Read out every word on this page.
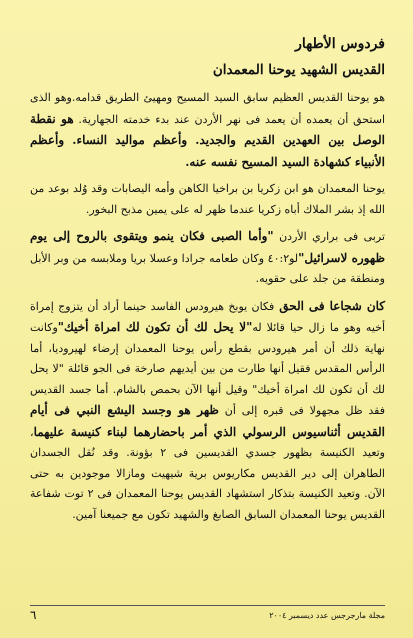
فردوس الأطهار
القديس الشهيد يوحنا المعمدان

هو يوحنا القديس العظيم سابق السيد المسيح ومهيئ الطريق قدامه.وهو الذى استحق أن يعمده أن يعمد فى نهر الأردن عند بدء خدمته الجهارية. هو نقطة الوصل بين العهدين القديم والجديد. وأعظم مواليد النساء. وأعظم الأنبياء كشهادة السيد المسيح نفسه عنه.

يوحنا المعمدان هو ابن زكريا بن براخيا الكاهن وأمه اليصابات وقد وُلد بوعد من الله إذ بشر الملاك أباه زكريا عندما ظهر له على يمين مذبح البخور.

تربى فى براري الأردن "وأما الصبى فكان ينمو ويتقوى بالروح إلى يوم ظهوره لاسرائيل"لو٤٠:٢ وكان طعامه جرادا وعسلا بريا وملابسه من وبر الأبل ومنطقة من جلد على حقويه.

كان شجاعا فى الحق فكان يوبخ هيرودس الفاسد حينما أراد أن يتزوج إمراة أخيه وهو ما زال حيا قائلا له"لا يحل لك أن تكون لك امراة أخيك"وكانت نهاية ذلك أن أمر هيرودس بقطع رأس يوحنا المعمدان إرضاء لهيروديا، أما الرأس المقدس فقيل أنها طارت من بين أيديهم صارخة فى الجو قائلة "لا يحل لك أن تكون لك امراة أخيك" وقيل أنها الآن بحمص بالشام. أما جسد القديس فقد ظل مجهولا فى قبره إلى أن ظهر هو وجسد اليشع النبي فى أيام القديس أثناسيوس الرسولي الذي أمر باحضارهما لبناء كنيسة عليهما، وتعيد الكنيسة بظهور جسدي القديسين فى ٢ بؤونة. وقد نُقل الجسدان الطاهران إلى دير القديس مكاريوس برية شيهيت ومازالا موجودين به حتى الآن. وتعيد الكنيسة بتذكار استشهاد القديس يوحنا المعمدان فى ٢ توت شفاعة القديس يوحنا المعمدان السابق الصابغ والشهيد تكون مع جميعنا آمين.

مجلة مارجرجس عدد ديسمبر ٢٠٠٤
٦
